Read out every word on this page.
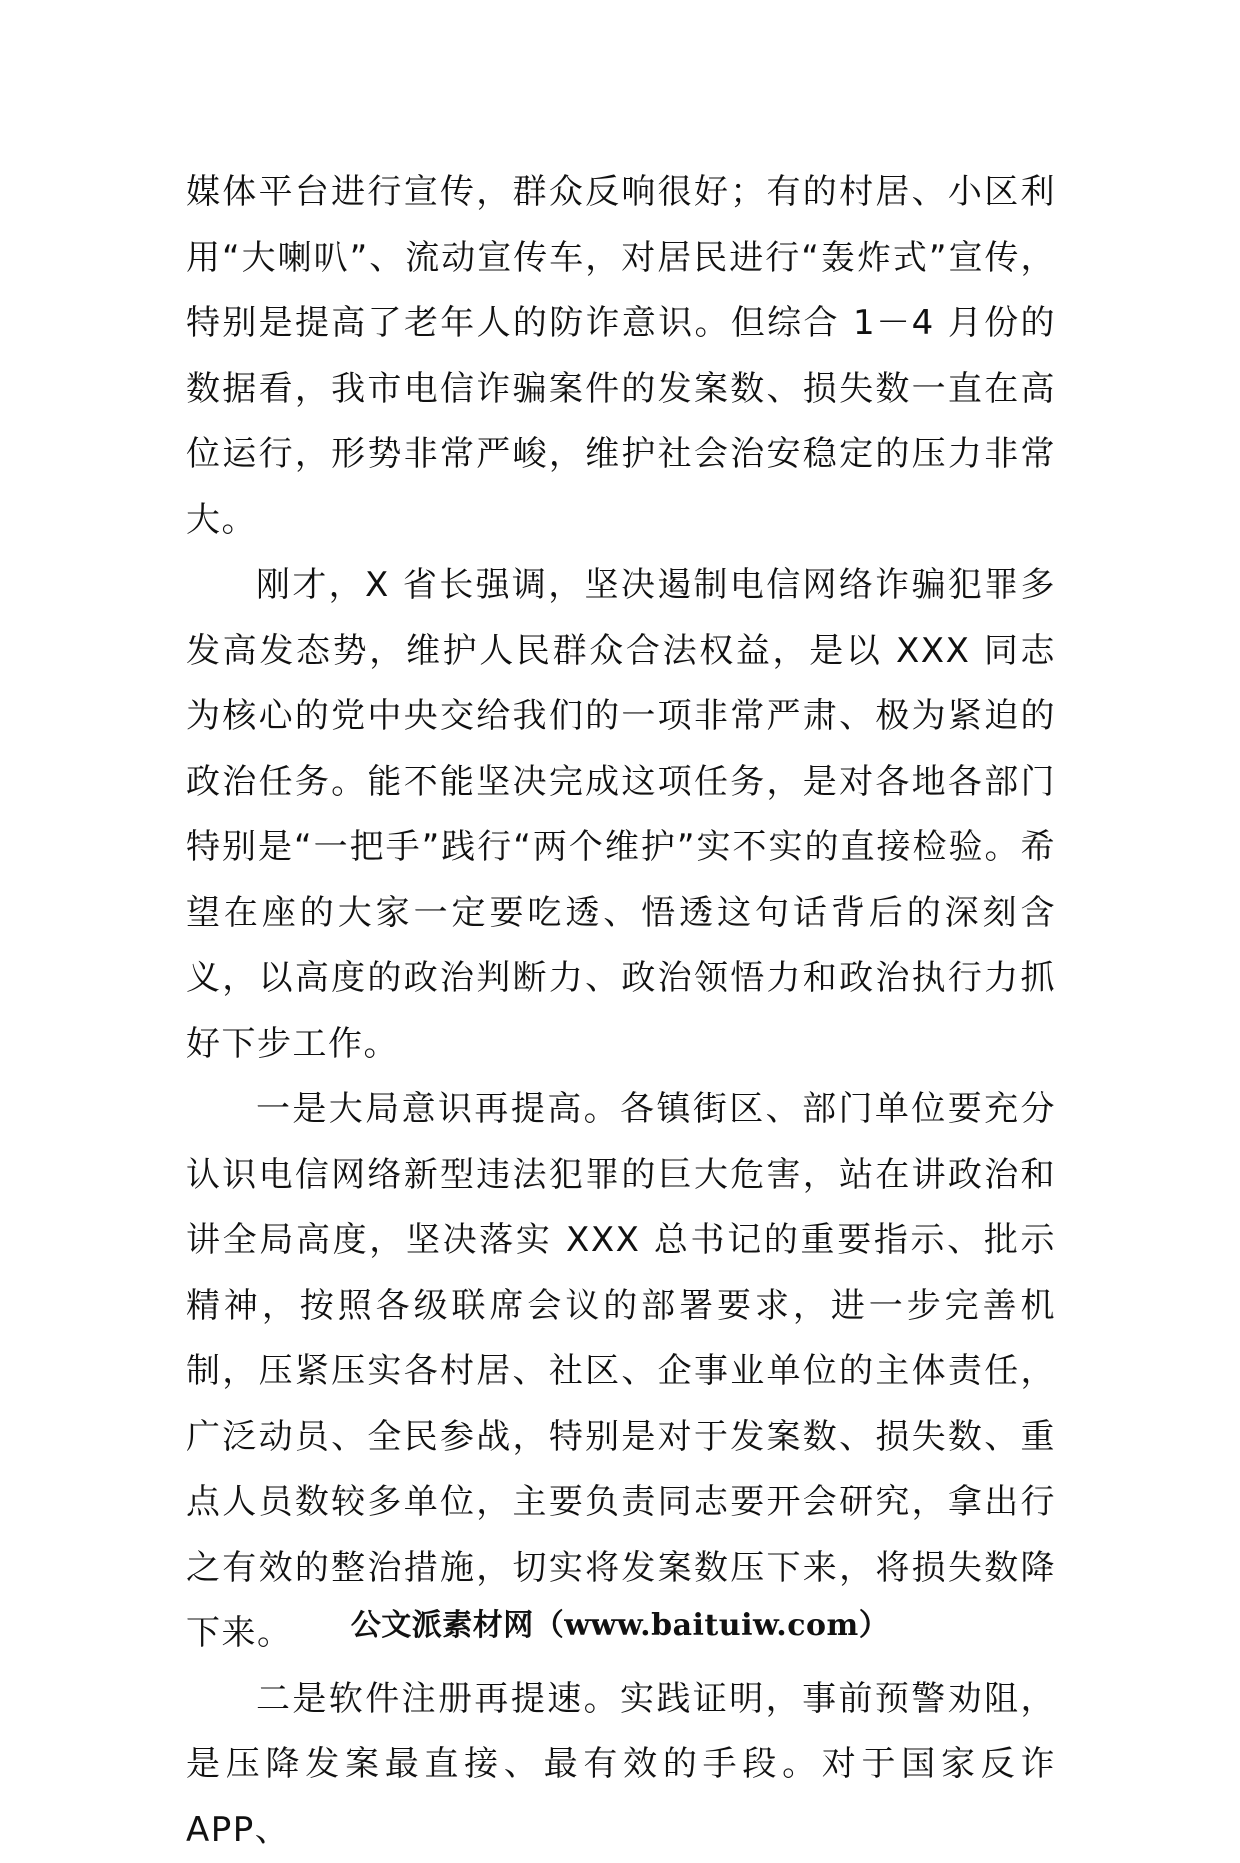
媒体平台进行宣传，群众反响很好；有的村居、小区利用“大喇叭”、流动宣传车，对居民进行“轰炸式”宣传，特别是提高了老年人的防诈意识。但综合 1－4 月份的数据看，我市电信诈骗案件的发案数、损失数一直在高位运行，形势非常严峻，维护社会治安稳定的压力非常大。

刚才，X 省长强调，坚决遏制电信网络诈骗犯罪多发高发态势，维护人民群众合法权益，是以 XXX 同志为核心的党中央交给我们的一项非常严肃、极为紧迫的政治任务。能不能坚决完成这项任务，是对各地各部门特别是“一把手”践行“两个维护”实不实的直接检验。希望在座的大家一定要吃透、悟透这句话背后的深刻含义，以高度的政治判断力、政治领悟力和政治执行力抓好下步工作。

一是大局意识再提高。各镇街区、部门单位要充分认识电信网络新型违法犯罪的巨大危害，站在讲政治和讲全局高度，坚决落实 XXX 总书记的重要指示、批示精神，按照各级联席会议的部署要求，进一步完善机制，压紧压实各村居、社区、企事业单位的主体责任，广泛动员、全民参战，特别是对于发案数、损失数、重点人员数较多单位，主要负责同志要开会研究，拿出行之有效的整治措施，切实将发案数压下来，将损失数降下来。

二是软件注册再提速。实践证明，事前预警劝阻，是压降发案最直接、最有效的手段。对于国家反诈 APP、

公文派素材网（www.baituiw.com）
